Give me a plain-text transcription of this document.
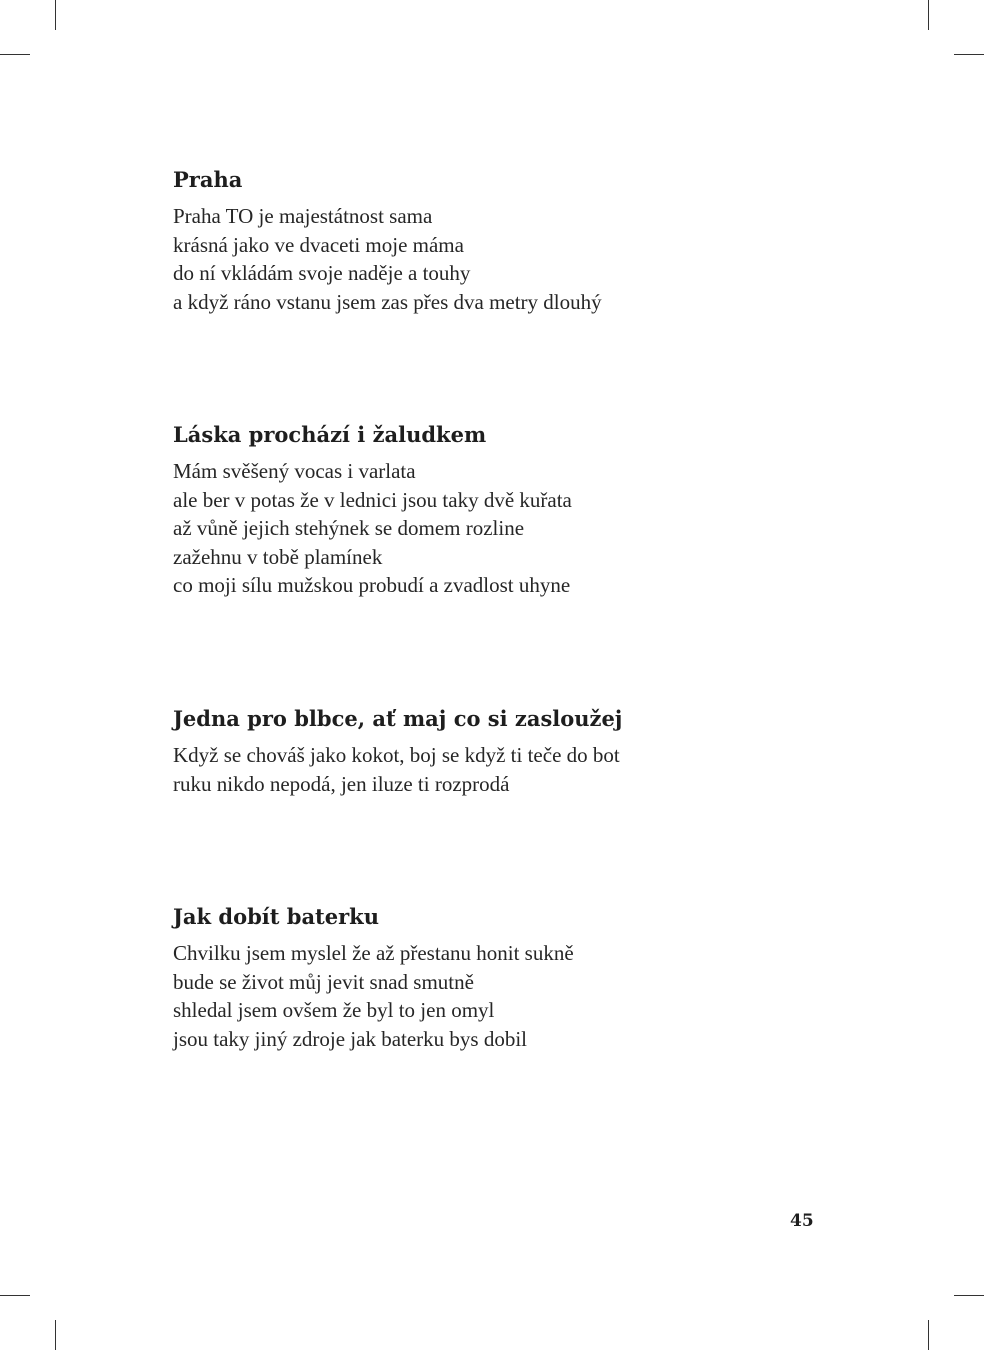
Praha
Praha TO je majestátnost sama
krásná jako ve dvaceti moje máma
do ní vkládám svoje naděje a touhy
a když ráno vstanu jsem zas přes dva metry dlouhý
Láska prochází i žaludkem
Mám svěšený vocas i varlata
ale ber v potas že v lednici jsou taky dvě kuřata
až vůně jejich stehýnek se domem rozline
zažehnu v tobě plamínek
co moji sílu mužskou probudí a zvadlost uhyne
Jedna pro blbce, ať maj co si zasloužej
Když se chováš jako kokot, boj se když ti teče do bot
ruku nikdo nepodá, jen iluze ti rozprodá
Jak dobít baterku
Chvilku jsem myslel že až přestanu honit sukně
bude se život můj jevit snad smutně
shledal jsem ovšem že byl to jen omyl
jsou taky jiný zdroje jak baterku bys dobil
45
